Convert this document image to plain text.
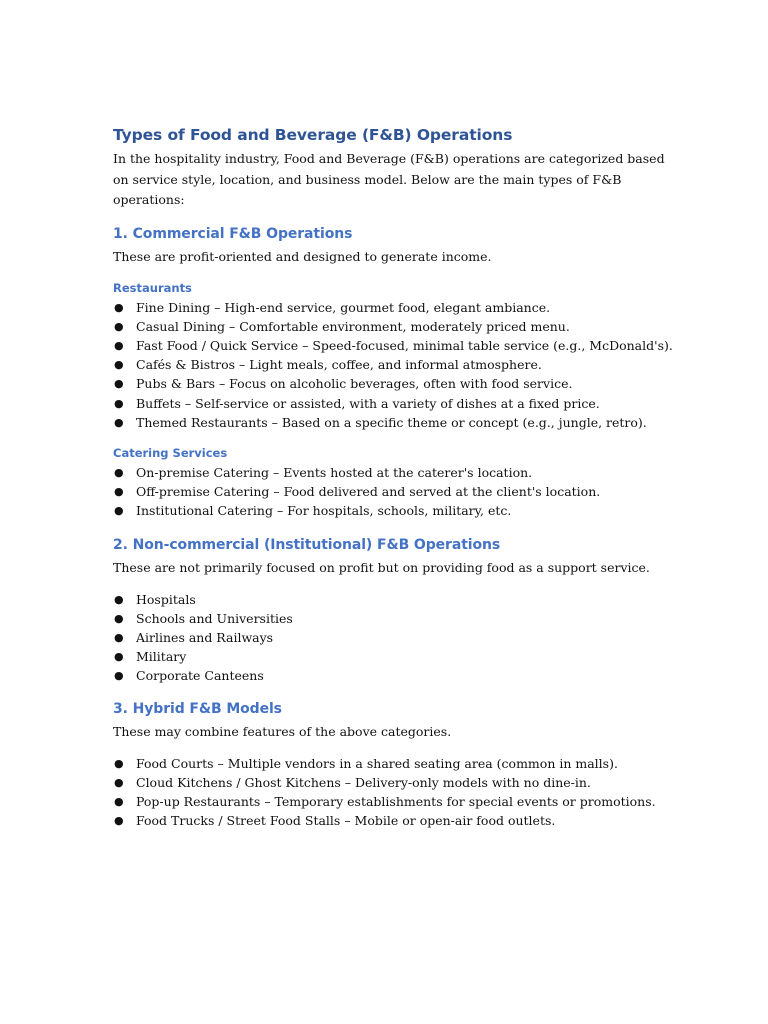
Types of Food and Beverage (F&B) Operations

In the hospitality industry, Food and Beverage (F&B) operations are categorized based on service style, location, and business model. Below are the main types of F&B operations:

1. Commercial F&B Operations

These are profit-oriented and designed to generate income.

Restaurants
● Fine Dining – High-end service, gourmet food, elegant ambiance.
● Casual Dining – Comfortable environment, moderately priced menu.
● Fast Food / Quick Service – Speed-focused, minimal table service (e.g., McDonald's).
● Cafés & Bistros – Light meals, coffee, and informal atmosphere.
● Pubs & Bars – Focus on alcoholic beverages, often with food service.
● Buffets – Self-service or assisted, with a variety of dishes at a fixed price.
● Themed Restaurants – Based on a specific theme or concept (e.g., jungle, retro).
Catering Services
● On-premise Catering – Events hosted at the caterer's location.
● Off-premise Catering – Food delivered and served at the client's location.
● Institutional Catering – For hospitals, schools, military, etc.
2. Non-commercial (Institutional) F&B Operations

These are not primarily focused on profit but on providing food as a support service.

● Hospitals
● Schools and Universities
● Airlines and Railways
● Military
● Corporate Canteens
3. Hybrid F&B Models

These may combine features of the above categories.

● Food Courts – Multiple vendors in a shared seating area (common in malls).
● Cloud Kitchens / Ghost Kitchens – Delivery-only models with no dine-in.
● Pop-up Restaurants – Temporary establishments for special events or promotions.
● Food Trucks / Street Food Stalls – Mobile or open-air food outlets.
